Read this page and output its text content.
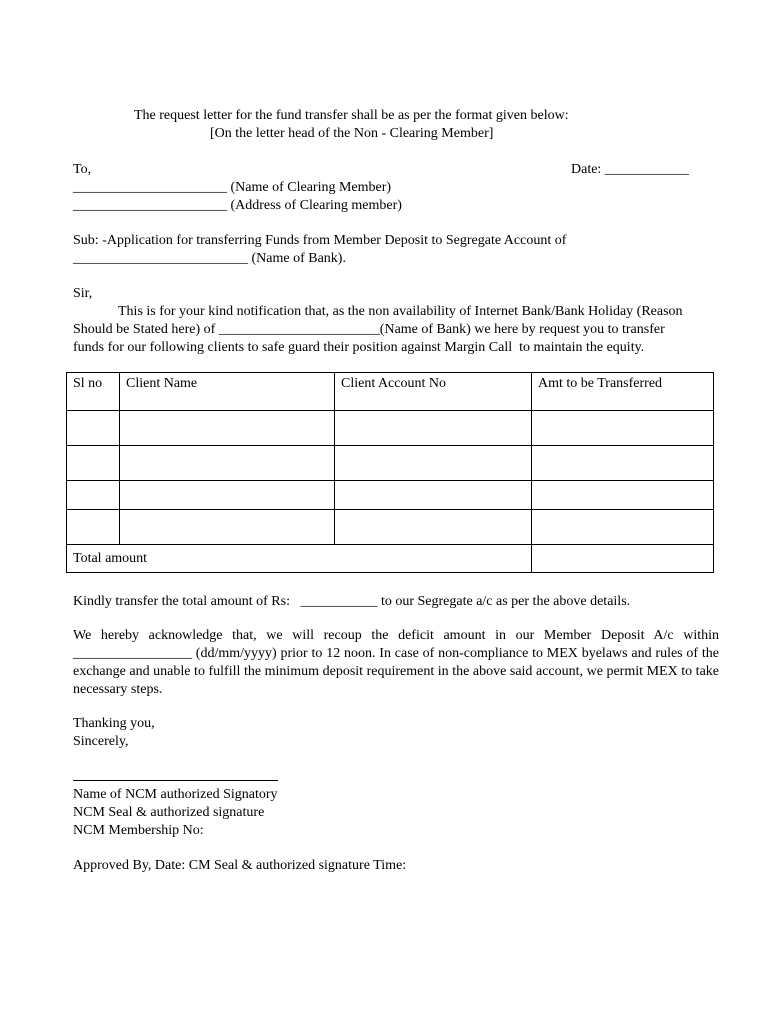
The request letter for the fund transfer shall be as per the format given below:
[On the letter head of the Non - Clearing Member]
To,	Date: ____________
______________________ (Name of Clearing Member)
______________________ (Address of Clearing member)
Sub: -Application for transferring Funds from Member Deposit to Segregate Account of
_________________________ (Name of Bank).
Sir,
This is for your kind notification that, as the non availability of Internet Bank/Bank Holiday (Reason
Should be Stated here) of _______________________(Name of Bank) we here by request you to transfer
funds for our following clients to safe guard their position against Margin Call  to maintain the equity.
Sl no	Client Name	Client Account No	Amt to be Transferred

Total amount			
Kindly transfer the total amount of Rs:   ___________ to our Segregate a/c as per the above details.
We hereby acknowledge that, we will recoup the deficit amount in our Member Deposit A/c within _________________ (dd/mm/yyyy) prior to 12 noon. In case of non-compliance to MEX byelaws and rules of the exchange and unable to fulfill the minimum deposit requirement in the above said account, we permit MEX to take necessary steps.
Thanking you,
Sincerely,
Name of NCM authorized Signatory
NCM Seal & authorized signature
NCM Membership No:
Approved By, Date: CM Seal & authorized signature Time:
